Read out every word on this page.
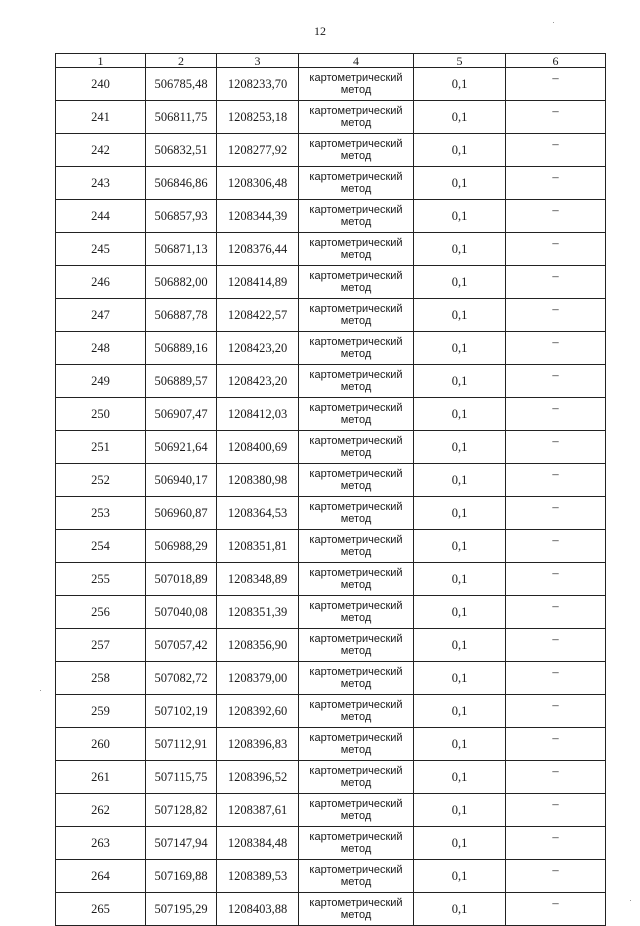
12
1	2	3	4	5	6
240	506785,48	1208233,70	картометрический метод	0,1	–
241	506811,75	1208253,18	картометрический метод	0,1	–
242	506832,51	1208277,92	картометрический метод	0,1	–
243	506846,86	1208306,48	картометрический метод	0,1	–
244	506857,93	1208344,39	картометрический метод	0,1	–
245	506871,13	1208376,44	картометрический метод	0,1	–
246	506882,00	1208414,89	картометрический метод	0,1	–
247	506887,78	1208422,57	картометрический метод	0,1	–
248	506889,16	1208423,20	картометрический метод	0,1	–
249	506889,57	1208423,20	картометрический метод	0,1	–
250	506907,47	1208412,03	картометрический метод	0,1	–
251	506921,64	1208400,69	картометрический метод	0,1	–
252	506940,17	1208380,98	картометрический метод	0,1	–
253	506960,87	1208364,53	картометрический метод	0,1	–
254	506988,29	1208351,81	картометрический метод	0,1	–
255	507018,89	1208348,89	картометрический метод	0,1	–
256	507040,08	1208351,39	картометрический метод	0,1	–
257	507057,42	1208356,90	картометрический метод	0,1	–
258	507082,72	1208379,00	картометрический метод	0,1	–
259	507102,19	1208392,60	картометрический метод	0,1	–
260	507112,91	1208396,83	картометрический метод	0,1	–
261	507115,75	1208396,52	картометрический метод	0,1	–
262	507128,82	1208387,61	картометрический метод	0,1	–
263	507147,94	1208384,48	картометрический метод	0,1	–
264	507169,88	1208389,53	картометрический метод	0,1	–
265	507195,29	1208403,88	картометрический метод	0,1	–
